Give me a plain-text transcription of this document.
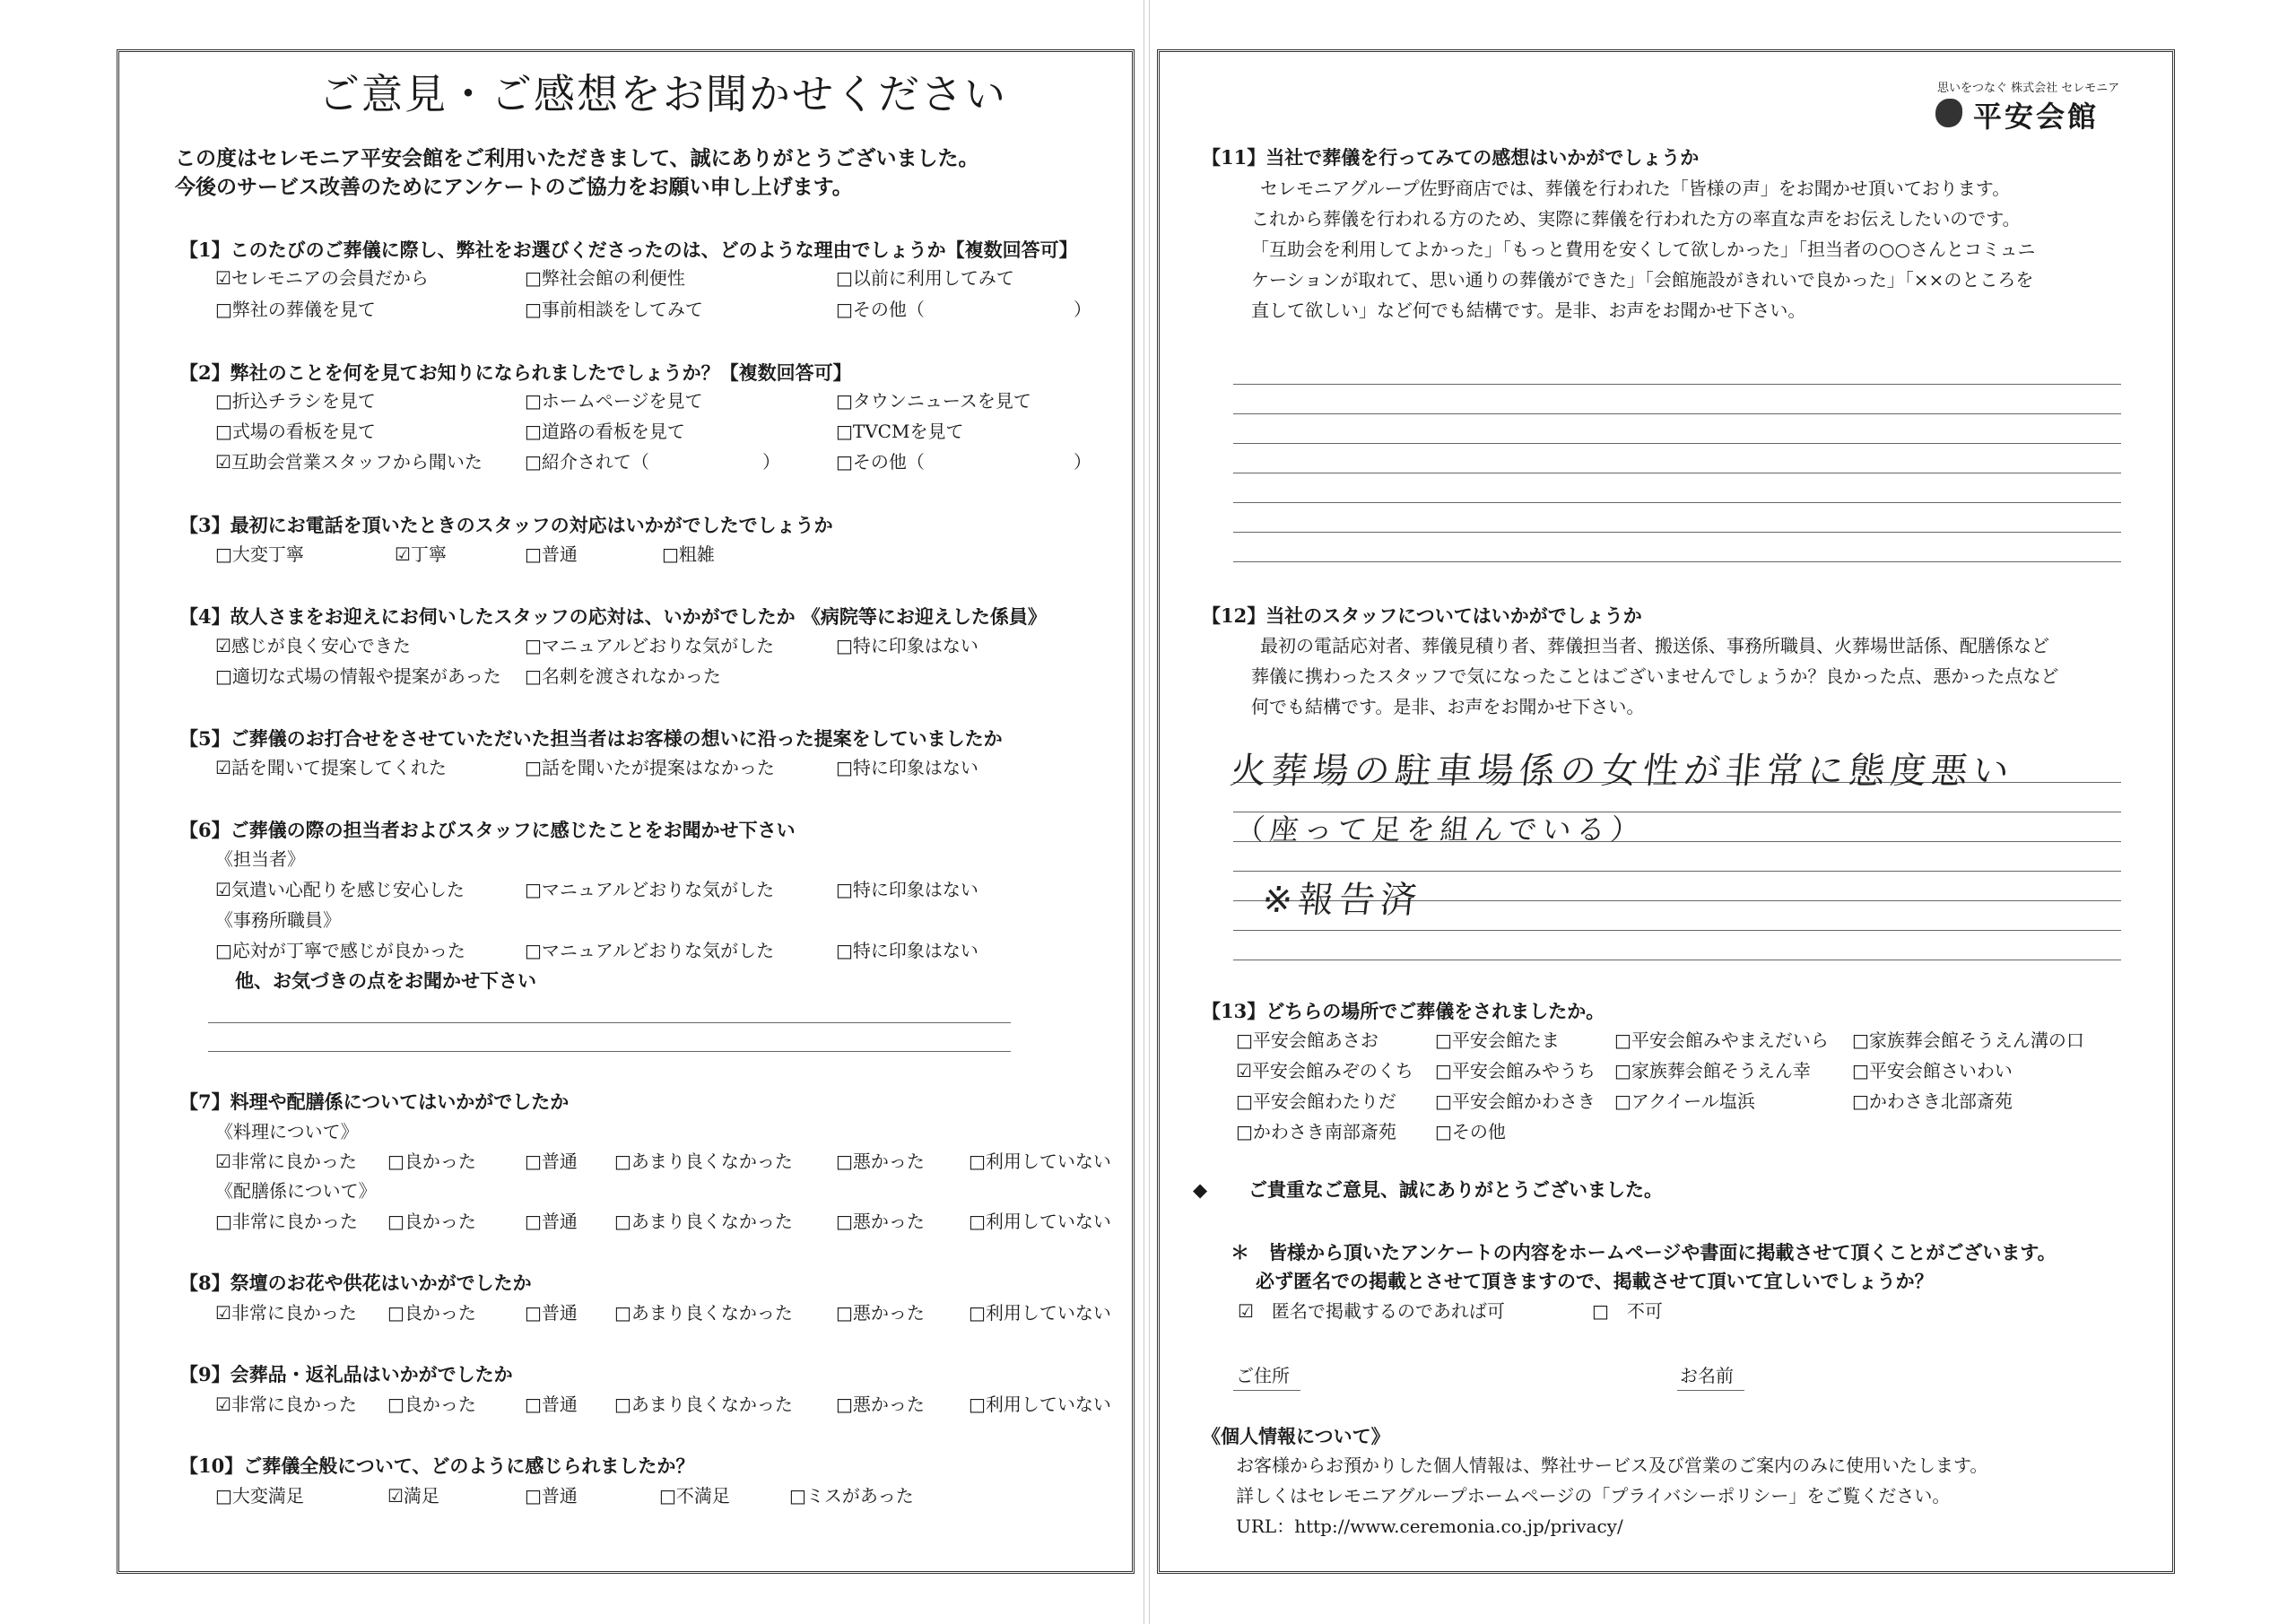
ご意見・ご感想をお聞かせください
この度はセレモニア平安会館をご利用いただきまして、誠にありがとうございました。
今後のサービス改善のためにアンケートのご協力をお願い申し上げます。
【1】このたびのご葬儀に際し、弊社をお選びくださったのは、どのような理由でしょうか【複数回答可】
☑セレモニアの会員だから	□弊社会館の利便性	□以前に利用してみて
□弊社の葬儀を見て	□事前相談をしてみて	□その他（	）
【2】弊社のことを何を見てお知りになられましたでしょうか？【複数回答可】
□折込チラシを見て	□ホームページを見て	□タウンニュースを見て
□式場の看板を見て	□道路の看板を見て	□TVCMを見て
☑互助会営業スタッフから聞いた □紹介されて（	）	□その他（	）
【3】最初にお電話を頂いたときのスタッフの対応はいかがでしたでしょうか
□大変丁寧	☑丁寧	□普通	□粗雑
【4】故人さまをお迎えにお伺いしたスタッフの応対は、いかがでしたか 《病院等にお迎えした係員》
☑感じが良く安心できた	□マニュアルどおりな気がした	□特に印象はない
□適切な式場の情報や提案があった □名刺を渡されなかった
【5】ご葬儀のお打合せをさせていただいた担当者はお客様の想いに沿った提案をしていましたか
☑話を聞いて提案してくれた	□話を聞いたが提案はなかった	□特に印象はない
【6】ご葬儀の際の担当者およびスタッフに感じたことをお聞かせ下さい
《担当者》
☑気遣い心配りを感じ安心した	□マニュアルどおりな気がした	□特に印象はない
《事務所職員》
□応対が丁寧で感じが良かった	□マニュアルどおりな気がした	□特に印象はない
他、お気づきの点をお聞かせ下さい
【7】料理や配膳係についてはいかがでしたか
《料理について》
☑非常に良かった □良かった	□普通 □あまり良くなかった □悪かった □利用していない
《配膳係について》
□非常に良かった □良かった	□普通 □あまり良くなかった □悪かった □利用していない
【8】祭壇のお花や供花はいかがでしたか
☑非常に良かった □良かった	□普通 □あまり良くなかった □悪かった □利用していない
【9】会葬品・返礼品はいかがでしたか
☑非常に良かった □良かった	□普通 □あまり良くなかった □悪かった □利用していない
【10】ご葬儀全般について、どのように感じられましたか？
□大変満足	☑満足	□普通	□不満足	□ミスがあった
思いをつなぐ 株式会社 セレモニア
平安会館
【11】当社で葬儀を行ってみての感想はいかがでしょうか
セレモニアグループ佐野商店では、葬儀を行われた「皆様の声」をお聞かせ頂いております。
これから葬儀を行われる方のため、実際に葬儀を行われた方の率直な声をお伝えしたいのです。
「互助会を利用してよかった」「もっと費用を安くして欲しかった」「担当者の○○さんとコミュニ
ケーションが取れて、思い通りの葬儀ができた」「会館施設がきれいで良かった」「××のところを
直して欲しい」など何でも結構です。是非、お声をお聞かせ下さい。
【12】当社のスタッフについてはいかがでしょうか
最初の電話応対者、葬儀見積り者、葬儀担当者、搬送係、事務所職員、火葬場世話係、配膳係など
葬儀に携わったスタッフで気になったことはございませんでしょうか？良かった点、悪かった点など
何でも結構です。是非、お声をお聞かせ下さい。
火葬場の駐車場係の女性が非常に態度悪い
（座って足を組んでいる）
※報告済
【13】どちらの場所でご葬儀をされましたか。
□平安会館あさお	□平安会館たま	□平安会館みやまえだいら □家族葬会館そうえん溝の口
☑平安会館みぞのくち □平安会館みやうち □家族葬会館そうえん幸 □平安会館さいわい
□平安会館わたりだ □平安会館かわさき □アクイール塩浜	□かわさき北部斎苑
□かわさき南部斎苑 □その他
◆ ご貴重なご意見、誠にありがとうございました。
＊　皆様から頂いたアンケートの内容をホームページや書面に掲載させて頂くことがございます。
必ず匿名での掲載とさせて頂きますので、掲載させて頂いて宜しいでしょうか？
☑　匿名で掲載するのであれば可	□　不可
ご住所	お名前
《個人情報について》
お客様からお預かりした個人情報は、弊社サービス及び営業のご案内のみに使用いたします。
詳しくはセレモニアグループホームページの「プライバシーポリシー」をご覧ください。
URL：http://www.ceremonia.co.jp/privacy/
